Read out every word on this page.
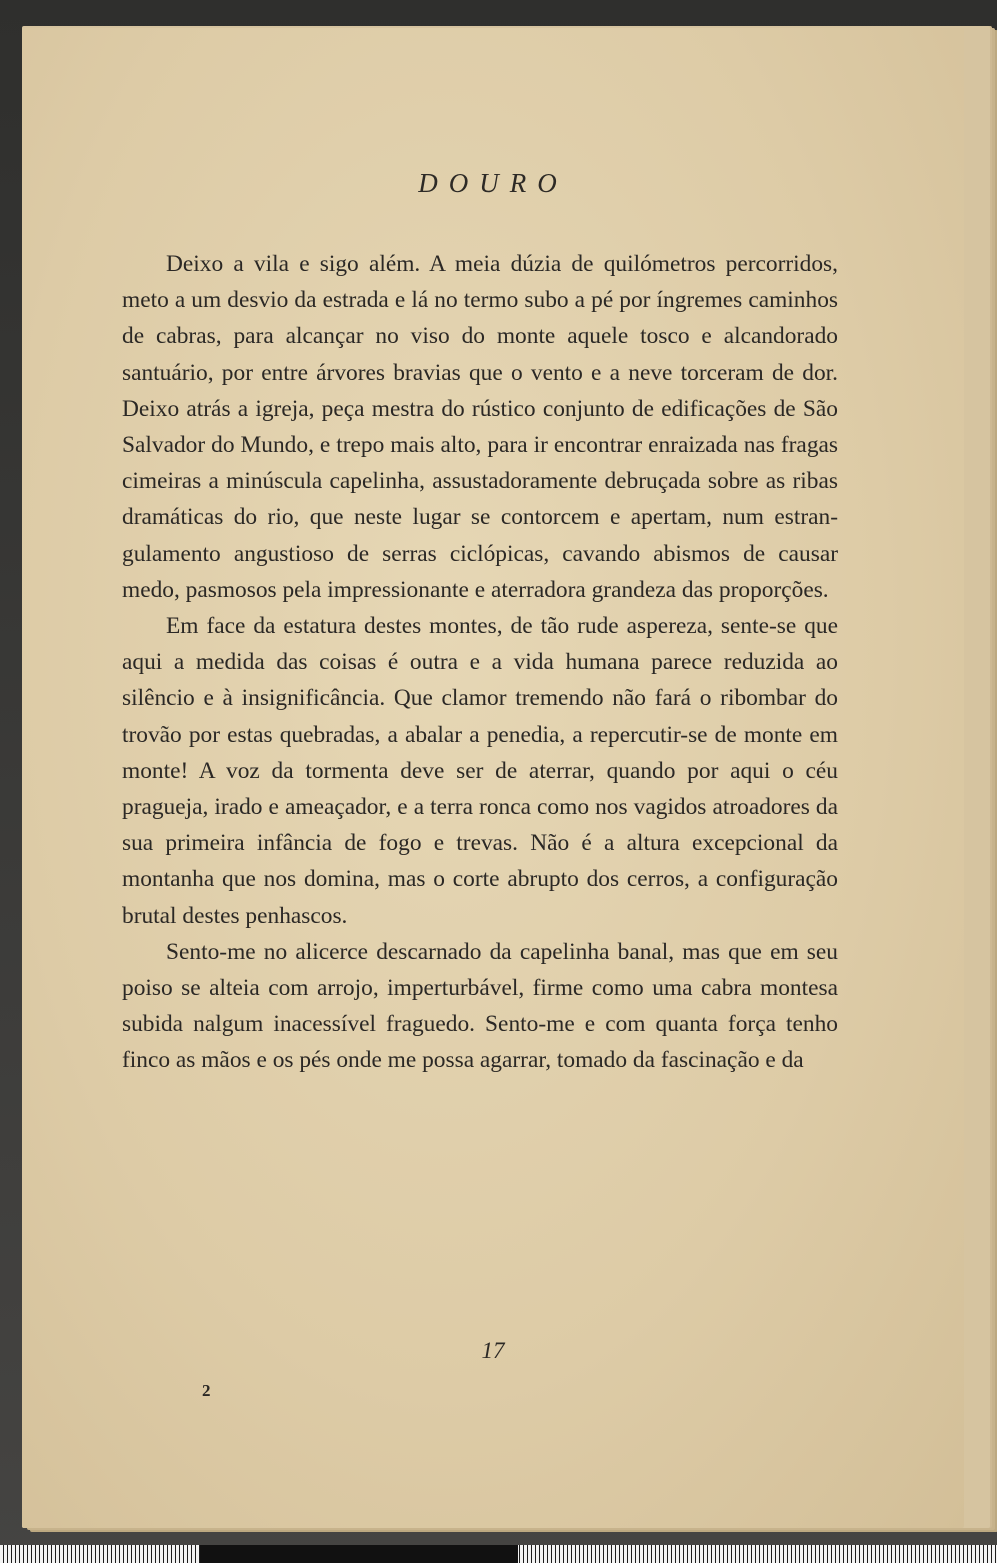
DOURO

Deixo a vila e sigo além. A meia dúzia de quilómetros percorridos, meto a um desvio da estrada e lá no termo subo a pé por íngremes caminhos de cabras, para alcançar no viso do monte aquele tosco e alcandorado santuário, por entre árvores bravias que o vento e a neve torceram de dor. Deixo atrás a igreja, peça mestra do rústico conjunto de edificações de São Salvador do Mundo, e trepo mais alto, para ir encontrar enraizada nas fragas cimeiras a minúscula capelinha, assustadoramente debruçada sobre as ribas dramáticas do rio, que neste lugar se contorcem e apertam, num estrangulamento angustioso de serras ciclópicas, cavando abismos de causar medo, pasmosos pela impressionante e aterradora grandeza das proporções.

Em face da estatura destes montes, de tão rude aspereza, sente-se que aqui a medida das coisas é outra e a vida humana parece reduzida ao silêncio e à insignificância. Que clamor tremendo não fará o ribombar do trovão por estas quebradas, a abalar a penedia, a repercutir-se de monte em monte! A voz da tormenta deve ser de aterrar, quando por aqui o céu pragueja, irado e ameaçador, e a terra ronca como nos vagidos atroadores da sua primeira infância de fogo e trevas. Não é a altura excepcional da montanha que nos domina, mas o corte abrupto dos cerros, a configuração brutal destes penhascos.

Sento-me no alicerce descarnado da capelinha banal, mas que em seu poiso se alteia com arrojo, imperturbável, firme como uma cabra montesa subida nalgum inacessível fraguedo. Sento-me e com quanta força tenho finco as mãos e os pés onde me possa agarrar, tomado da fascinação e da

17
2
